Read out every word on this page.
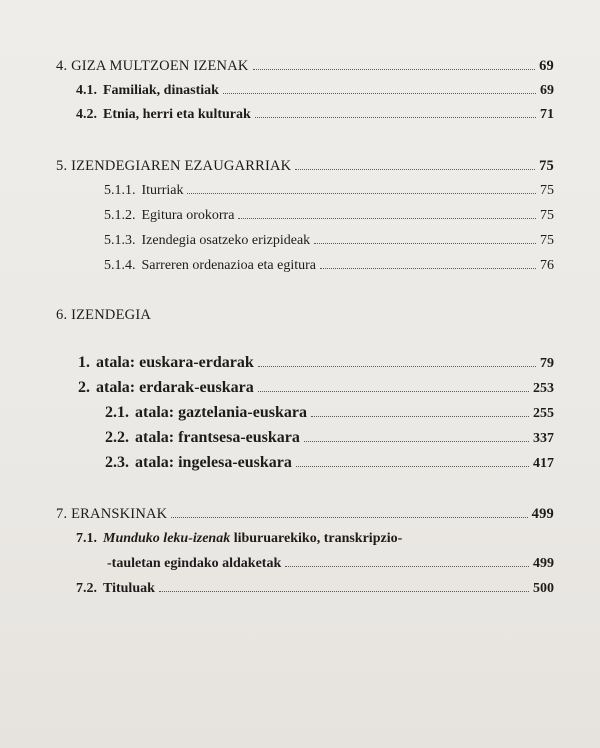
4. GIZA MULTZOEN IZENAK	69
4.1. Familiak, dinastiak	69
4.2. Etnia, herri eta kulturak	71
5. IZENDEGIAREN EZAUGARRIAK	75
5.1.1. Iturriak	75
5.1.2. Egitura orokorra	75
5.1.3. Izendegia osatzeko erizpideak	75
5.1.4. Sarreren ordenazioa eta egitura	76
6. IZENDEGIA
1. atala: euskara-erdarak	79
2. atala: erdarak-euskara	253
2.1. atala: gaztelania-euskara	255
2.2. atala: frantsesa-euskara	337
2.3. atala: ingelesa-euskara	417
7. ERANSKINAK	499
7.1. Munduko leku-izenak liburuarekiko, transkripzio-
-tauletan egindako aldaketak	499
7.2. Tituluak	500
